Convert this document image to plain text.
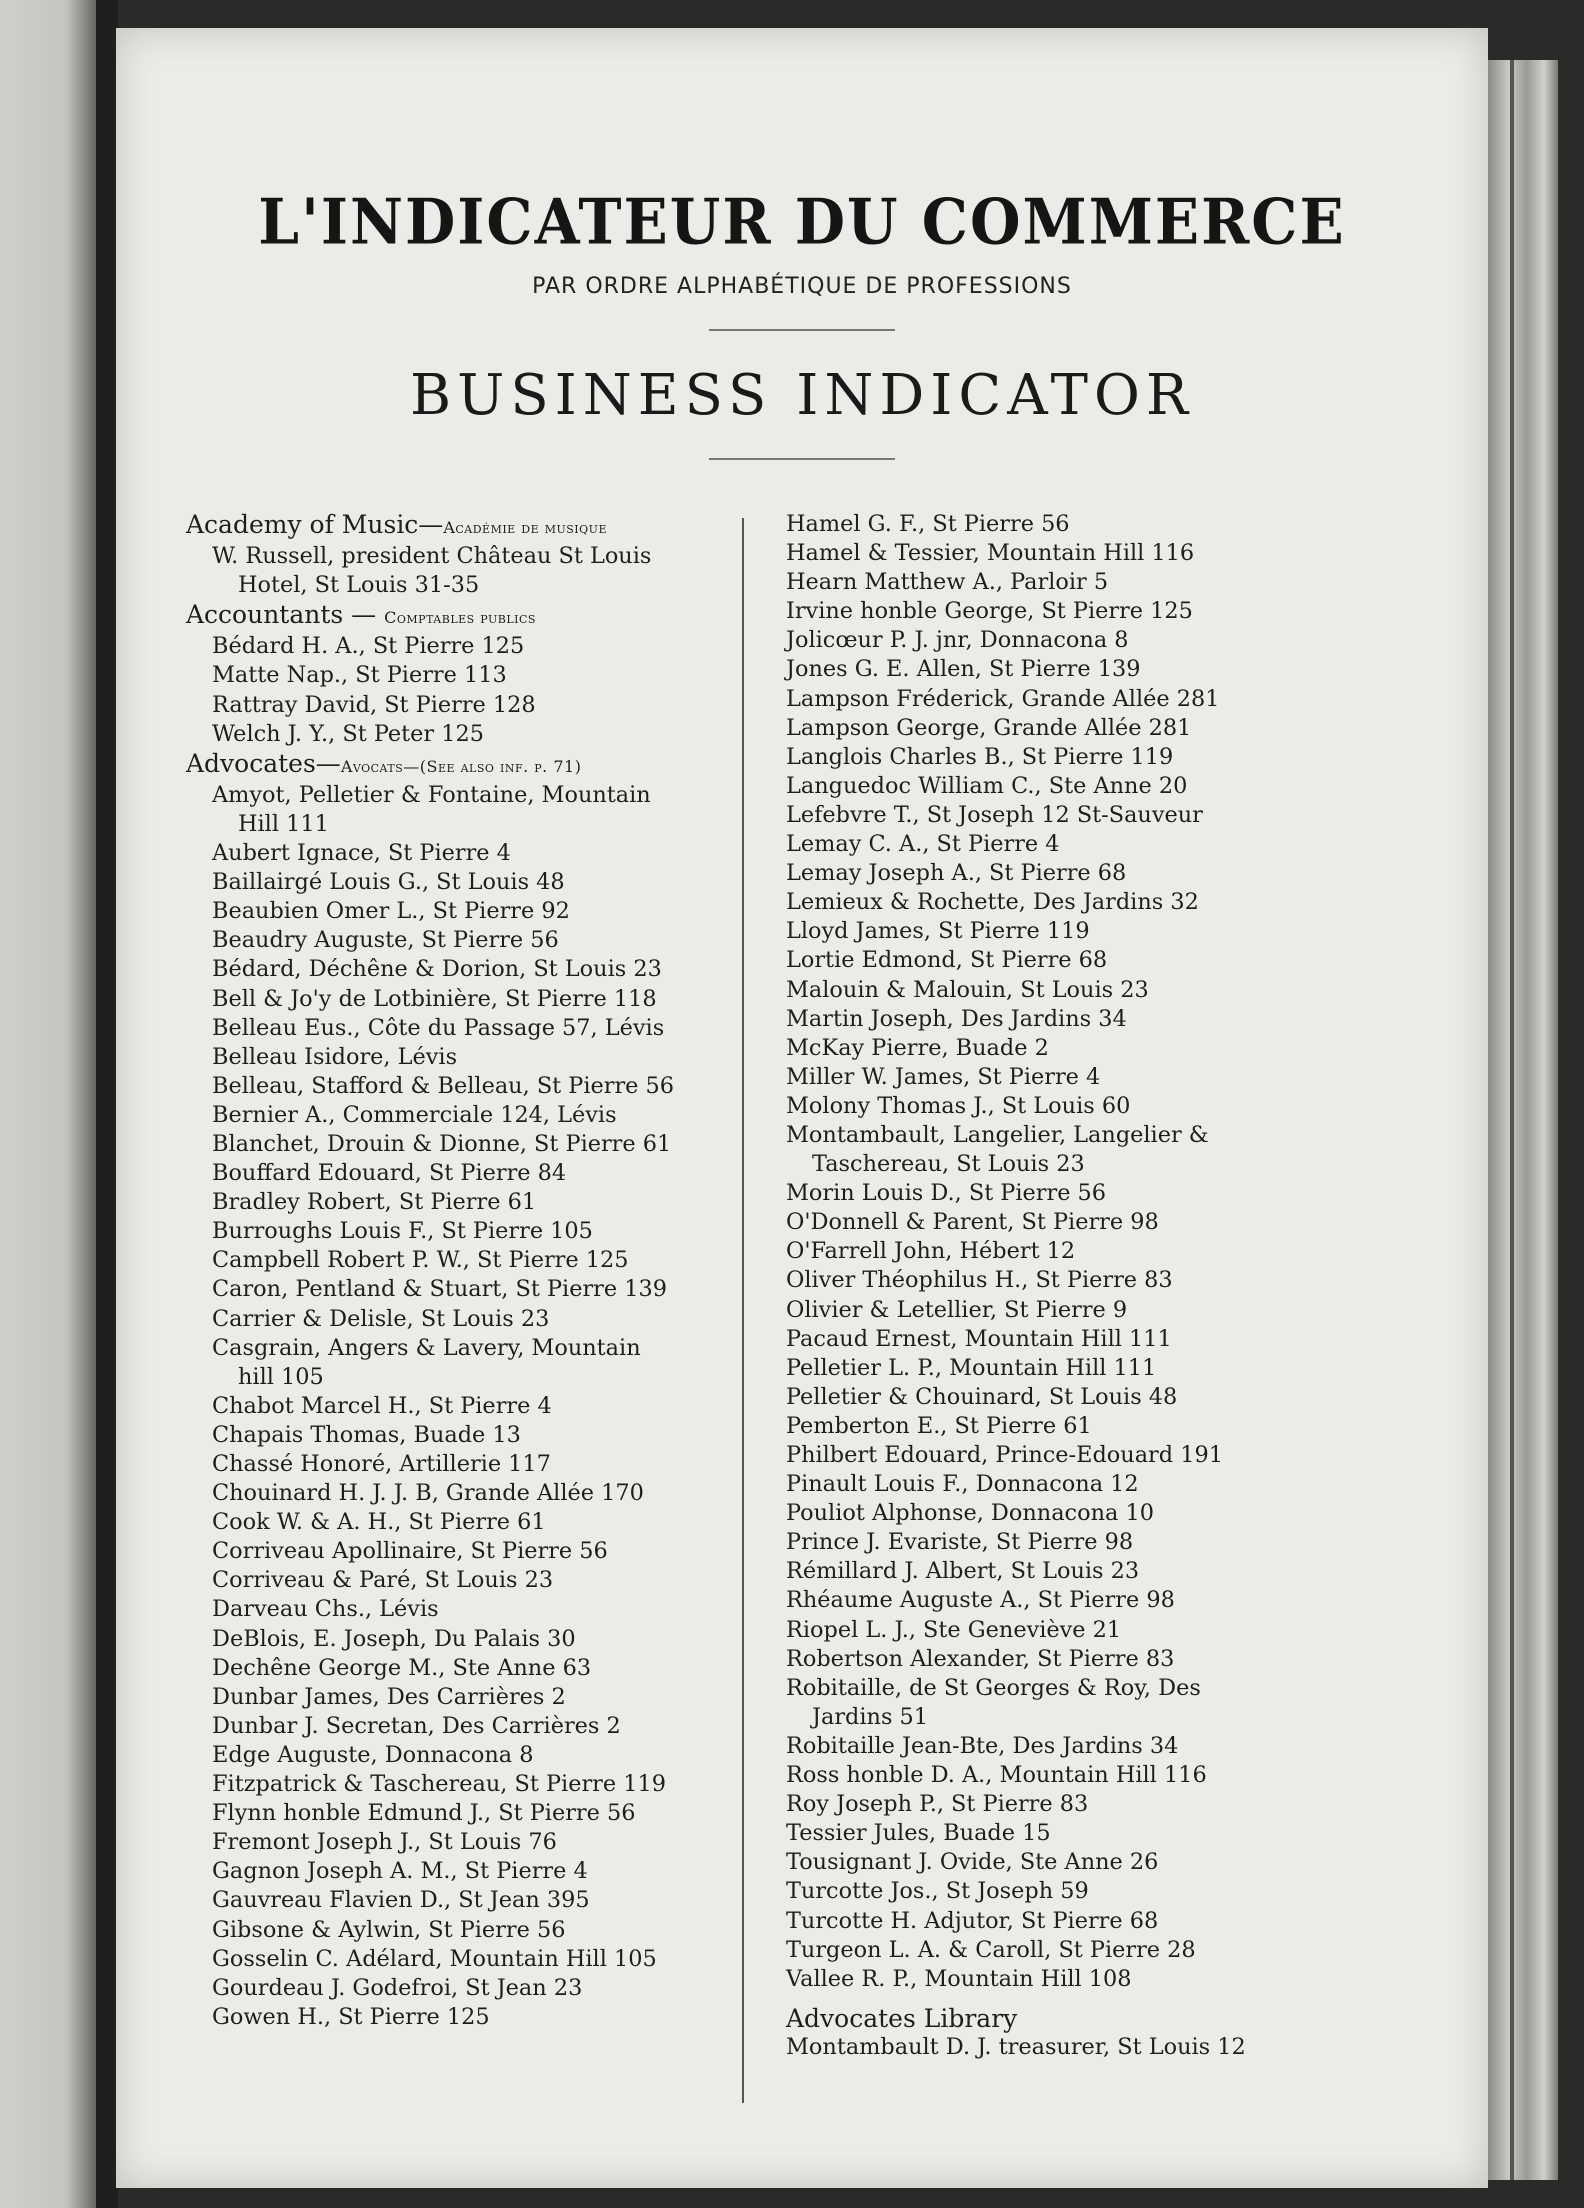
L'INDICATEUR DU COMMERCE
PAR ORDRE ALPHABÉTIQUE DE PROFESSIONS
BUSINESS INDICATOR
Academy of Music—Académie de musique
W. Russell, president Château St Louis
Hotel, St Louis 31-35
Accountants — Comptables publics
Bédard H. A., St Pierre 125
Matte Nap., St Pierre 113
Rattray David, St Pierre 128
Welch J. Y., St Peter 125
Advocates—Avocats—(See also inf. p. 71)
Amyot, Pelletier & Fontaine, Mountain
Hill 111
Aubert Ignace, St Pierre 4
Baillairgé Louis G., St Louis 48
Beaubien Omer L., St Pierre 92
Beaudry Auguste, St Pierre 56
Bédard, Déchêne & Dorion, St Louis 23
Bell & Jo'y de Lotbinière, St Pierre 118
Belleau Eus., Côte du Passage 57, Lévis
Belleau Isidore, Lévis
Belleau, Stafford & Belleau, St Pierre 56
Bernier A., Commerciale 124, Lévis
Blanchet, Drouin & Dionne, St Pierre 61
Bouffard Edouard, St Pierre 84
Bradley Robert, St Pierre 61
Burroughs Louis F., St Pierre 105
Campbell Robert P. W., St Pierre 125
Caron, Pentland & Stuart, St Pierre 139
Carrier & Delisle, St Louis 23
Casgrain, Angers & Lavery, Mountain
hill 105
Chabot Marcel H., St Pierre 4
Chapais Thomas, Buade 13
Chassé Honoré, Artillerie 117
Chouinard H. J. J. B, Grande Allée 170
Cook W. & A. H., St Pierre 61
Corriveau Apollinaire, St Pierre 56
Corriveau & Paré, St Louis 23
Darveau Chs., Lévis
DeBlois, E. Joseph, Du Palais 30
Dechêne George M., Ste Anne 63
Dunbar James, Des Carrières 2
Dunbar J. Secretan, Des Carrières 2
Edge Auguste, Donnacona 8
Fitzpatrick & Taschereau, St Pierre 119
Flynn honble Edmund J., St Pierre 56
Fremont Joseph J., St Louis 76
Gagnon Joseph A. M., St Pierre 4
Gauvreau Flavien D., St Jean 395
Gibsone & Aylwin, St Pierre 56
Gosselin C. Adélard, Mountain Hill 105
Gourdeau J. Godefroi, St Jean 23
Gowen H., St Pierre 125
Hamel G. F., St Pierre 56
Hamel & Tessier, Mountain Hill 116
Hearn Matthew A., Parloir 5
Irvine honble George, St Pierre 125
Jolicœur P. J. jnr, Donnacona 8
Jones G. E. Allen, St Pierre 139
Lampson Fréderick, Grande Allée 281
Lampson George, Grande Allée 281
Langlois Charles B., St Pierre 119
Languedoc William C., Ste Anne 20
Lefebvre T., St Joseph 12 St-Sauveur
Lemay C. A., St Pierre 4
Lemay Joseph A., St Pierre 68
Lemieux & Rochette, Des Jardins 32
Lloyd James, St Pierre 119
Lortie Edmond, St Pierre 68
Malouin & Malouin, St Louis 23
Martin Joseph, Des Jardins 34
McKay Pierre, Buade 2
Miller W. James, St Pierre 4
Molony Thomas J., St Louis 60
Montambault, Langelier, Langelier &
Taschereau, St Louis 23
Morin Louis D., St Pierre 56
O'Donnell & Parent, St Pierre 98
O'Farrell John, Hébert 12
Oliver Théophilus H., St Pierre 83
Olivier & Letellier, St Pierre 9
Pacaud Ernest, Mountain Hill 111
Pelletier L. P., Mountain Hill 111
Pelletier & Chouinard, St Louis 48
Pemberton E., St Pierre 61
Philbert Edouard, Prince-Edouard 191
Pinault Louis F., Donnacona 12
Pouliot Alphonse, Donnacona 10
Prince J. Evariste, St Pierre 98
Rémillard J. Albert, St Louis 23
Rhéaume Auguste A., St Pierre 98
Riopel L. J., Ste Geneviève 21
Robertson Alexander, St Pierre 83
Robitaille, de St Georges & Roy, Des
Jardins 51
Robitaille Jean-Bte, Des Jardins 34
Ross honble D. A., Mountain Hill 116
Roy Joseph P., St Pierre 83
Tessier Jules, Buade 15
Tousignant J. Ovide, Ste Anne 26
Turcotte Jos., St Joseph 59
Turcotte H. Adjutor, St Pierre 68
Turgeon L. A. & Caroll, St Pierre 28
Vallee R. P., Mountain Hill 108
Advocates Library
Montambault D. J. treasurer, St Louis 12
